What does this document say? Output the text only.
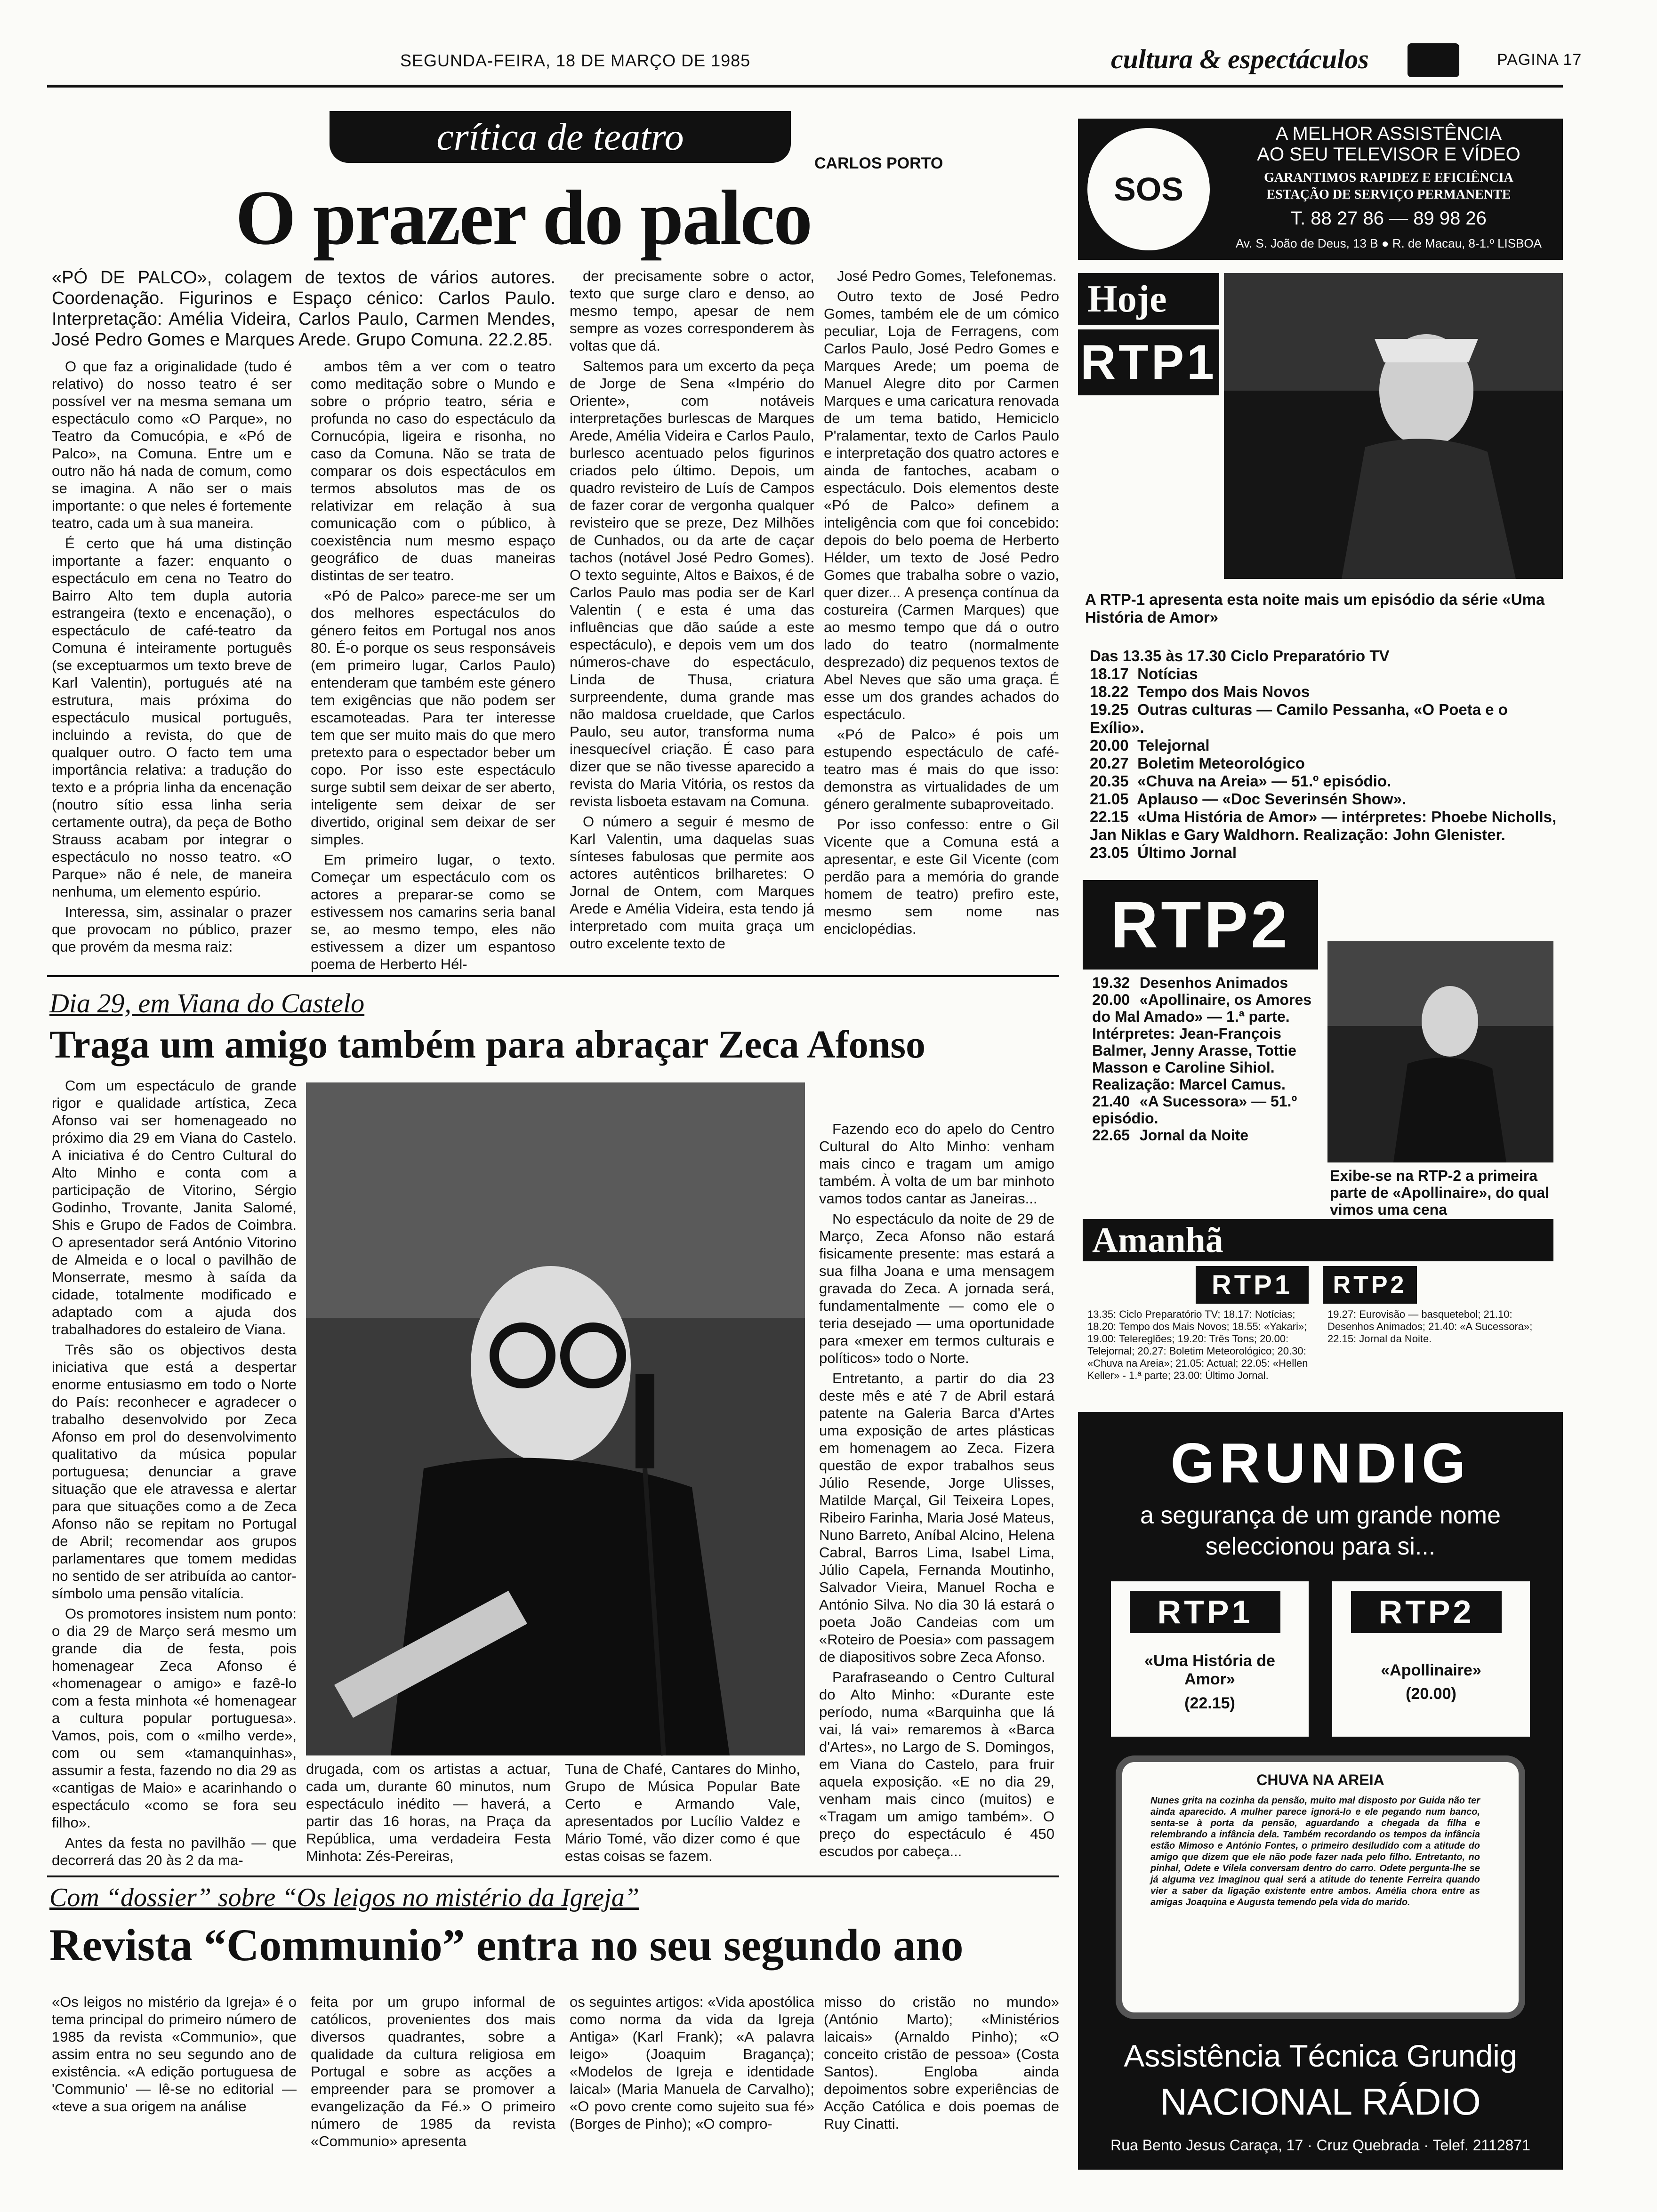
SEGUNDA-FEIRA, 18 DE MARÇO DE 1985	cultura & espectáculos	PAGINA 17
crítica de teatro
CARLOS PORTO
O prazer do palco
«PÓ DE PALCO», colagem de textos de vários autores. Coordenação. Figurinos e Espaço cénico: Carlos Paulo. Interpretação: Amélia Videira, Carlos Paulo, Carmen Mendes, José Pedro Gomes e Marques Arede. Grupo Comuna. 22.2.85.

O que faz a originalidade (tudo é relativo) do nosso teatro é ser possível ver na mesma semana um espectáculo como «O Parque», no Teatro da Comucópia, e «Pó de Palco», na Comuna. Entre um e outro não há nada de comum, como se imagina. A não ser o mais importante: o que neles é fortemente teatro, cada um à sua maneira.

É certo que há uma distinção importante a fazer: enquanto o espectáculo em cena no Teatro do Bairro Alto tem dupla autoria estrangeira (texto e encenação), o espectáculo de café-teatro da Comuna é inteiramente português (se exceptuarmos um texto breve de Karl Valentin), portugués até na estrutura, mais próxima do espectáculo musical português, incluindo a revista, do que de qualquer outro. O facto tem uma importância relativa: a tradução do texto e a própria linha da encenação (noutro sítio essa linha seria certamente outra), da peça de Botho Strauss acabam por integrar o espectáculo no nosso teatro. «O Parque» não é nele, de maneira nenhuma, um elemento espúrio.

Interessa, sim, assinalar o prazer que provocam no público, prazer que provém da mesma raiz:

ambos têm a ver com o teatro como meditação sobre o Mundo e sobre o próprio teatro, séria e profunda no caso do espectáculo da Cornucópia, ligeira e risonha, no caso da Comuna. Não se trata de comparar os dois espectáculos em termos absolutos mas de os relativizar em relação à sua comunicação com o público, à coexistência num mesmo espaço geográfico de duas maneiras distintas de ser teatro.

«Pó de Palco» parece-me ser um dos melhores espectáculos do género feitos em Portugal nos anos 80. É-o porque os seus responsáveis (em primeiro lugar, Carlos Paulo) entenderam que também este género tem exigências que não podem ser escamoteadas. Para ter interesse tem que ser muito mais do que mero pretexto para o espectador beber um copo. Por isso este espectáculo surge subtil sem deixar de ser aberto, inteligente sem deixar de ser divertido, original sem deixar de ser simples.

Em primeiro lugar, o texto. Começar um espectáculo com os actores a preparar-se como se estivessem nos camarins seria banal se, ao mesmo tempo, eles não estivessem a dizer um espantoso poema de Herberto Hél-

der precisamente sobre o actor, texto que surge claro e denso, ao mesmo tempo, apesar de nem sempre as vozes corresponderem às voltas que dá.

Saltemos para um excerto da peça de Jorge de Sena «Império do Oriente», com notáveis interpretações burlescas de Marques Arede, Amélia Videira e Carlos Paulo, burlesco acentuado pelos figurinos criados pelo último. Depois, um quadro revisteiro de Luís de Campos de fazer corar de vergonha qualquer revisteiro que se preze, Dez Milhões de Cunhados, ou da arte de caçar tachos (notável José Pedro Gomes). O texto seguinte, Altos e Baixos, é de Carlos Paulo mas podia ser de Karl Valentin ( e esta é uma das influências que dão saúde a este espectáculo), e depois vem um dos números-chave do espectáculo, Linda de Thusa, criatura surpreendente, duma grande mas não maldosa crueldade, que Carlos Paulo, seu autor, transforma numa inesquecível criação. É caso para dizer que se não tivesse aparecido a revista do Maria Vitória, os restos da revista lisboeta estavam na Comuna.

O número a seguir é mesmo de Karl Valentin, uma daquelas suas sínteses fabulosas que permite aos actores autênticos brilharetes: O Jornal de Ontem, com Marques Arede e Amélia Videira, esta tendo já interpretado com muita graça um outro excelente texto de

José Pedro Gomes, Telefonemas.

Outro texto de José Pedro Gomes, também ele de um cómico peculiar, Loja de Ferragens, com Carlos Paulo, José Pedro Gomes e Marques Arede; um poema de Manuel Alegre dito por Carmen Marques e uma caricatura renovada de um tema batido, Hemiciclo P'ralamentar, texto de Carlos Paulo e interpretação dos quatro actores e ainda de fantoches, acabam o espectáculo. Dois elementos deste «Pó de Palco» definem a inteligência com que foi concebido: depois do belo poema de Herberto Hélder, um texto de José Pedro Gomes que trabalha sobre o vazio, quer dizer... A presença contínua da costureira (Carmen Marques) que ao mesmo tempo que dá o outro lado do teatro (normalmente desprezado) diz pequenos textos de Abel Neves que são uma graça. É esse um dos grandes achados do espectáculo.

«Pó de Palco» é pois um estupendo espectáculo de café-teatro mas é mais do que isso: demonstra as virtualidades de um género geralmente subaproveitado.

Por isso confesso: entre o Gil Vicente que a Comuna está a apresentar, e este Gil Vicente (com perdão para a memória do grande homem de teatro) prefiro este, mesmo sem nome nas enciclopédias.

Dia 29, em Viana do Castelo
Traga um amigo também para abraçar Zeca Afonso

Com um espectáculo de grande rigor e qualidade artística, Zeca Afonso vai ser homenageado no próximo dia 29 em Viana do Castelo. A iniciativa é do Centro Cultural do Alto Minho e conta com a participação de Vitorino, Sérgio Godinho, Trovante, Janita Salomé, Shis e Grupo de Fados de Coimbra. O apresentador será António Vitorino de Almeida e o local o pavilhão de Monserrate, mesmo à saída da cidade, totalmente modificado e adaptado com a ajuda dos trabalhadores do estaleiro de Viana.

Três são os objectivos desta iniciativa que está a despertar enorme entusiasmo em todo o Norte do País: reconhecer e agradecer o trabalho desenvolvido por Zeca Afonso em prol do desenvolvimento qualitativo da música popular portuguesa; denunciar a grave situação que ele atravessa e alertar para que situações como a de Zeca Afonso não se repitam no Portugal de Abril; recomendar aos grupos parlamentares que tomem medidas no sentido de ser atribuída ao cantor-símbolo uma pensão vitalícia.

Os promotores insistem num ponto: o dia 29 de Março será mesmo um grande dia de festa, pois homenagear Zeca Afonso é «homenagear o amigo» e fazê-lo com a festa minhota «é homenagear a cultura popular portuguesa». Vamos, pois, com o «milho verde», com ou sem «tamanquinhas», assumir a festa, fazendo no dia 29 as «cantigas de Maio» e acarinhando o espectáculo «como se fora seu filho».

Antes da festa no pavilhão — que decorrerá das 20 às 2 da ma-

drugada, com os artistas a actuar, cada um, durante 60 minutos, num espectáculo inédito — haverá, a partir das 16 horas, na Praça da República, uma verdadeira Festa Minhota: Zés-Pereiras,
Tuna de Chafé, Cantares do Minho, Grupo de Música Popular Bate Certo e Armando Vale, apresentados por Lucílio Valdez e Mário Tomé, vão dizer como é que estas coisas se fazem.

Fazendo eco do apelo do Centro Cultural do Alto Minho: venham mais cinco e tragam um amigo também. À volta de um bar minhoto vamos todos cantar as Janeiras...

No espectáculo da noite de 29 de Março, Zeca Afonso não estará fisicamente presente: mas estará a sua filha Joana e uma mensagem gravada do Zeca. A jornada será, fundamentalmente — como ele o teria desejado — uma oportunidade para «mexer em termos culturais e políticos» todo o Norte.

Entretanto, a partir do dia 23 deste mês e até 7 de Abril estará patente na Galeria Barca d'Artes uma exposição de artes plásticas em homenagem ao Zeca. Fizera questão de expor trabalhos seus Júlio Resende, Jorge Ulisses, Matilde Marçal, Gil Teixeira Lopes, Ribeiro Farinha, Maria José Mateus, Nuno Barreto, Aníbal Alcino, Helena Cabral, Barros Lima, Isabel Lima, Júlio Capela, Fernanda Moutinho, Salvador Vieira, Manuel Rocha e António Silva. No dia 30 lá estará o poeta João Candeias com um «Roteiro de Poesia» com passagem de diapositivos sobre Zeca Afonso.

Parafraseando o Centro Cultural do Alto Minho: «Durante este período, numa «Barquinha que lá vai, lá vai» remaremos à «Barca d'Artes», no Largo de S. Domingos, em Viana do Castelo, para fruir aquela exposição. «E no dia 29, venham mais cinco (muitos) e «Tragam um amigo também». O preço do espectáculo é 450 escudos por cabeça...

Com “dossier” sobre “Os leigos no mistério da Igreja”
Revista “Communio” entra no seu segundo ano
«Os leigos no mistério da Igreja» é o tema principal do primeiro número de 1985 da revista «Communio», que assim entra no seu segundo ano de existência. «A edição portuguesa de 'Communio' — lê-se no editorial — «teve a sua origem na análise
feita por um grupo informal de católicos, provenientes dos mais diversos quadrantes, sobre a qualidade da cultura religiosa em Portugal e sobre as acções a empreender para se promover a evangelização da Fé.» O primeiro número de 1985 da revista «Communio» apresenta
os seguintes artigos: «Vida apostólica como norma da vida da Igreja Antiga» (Karl Frank); «A palavra leigo» (Joaquim Bragança); «Modelos de Igreja e identidade laical» (Maria Manuela de Carvalho); «O povo crente como sujeito sua fé» (Borges de Pinho); «O compro-
misso do cristão no mundo» (António Marto); «Ministérios laicais» (Arnaldo Pinho); «O conceito cristão de pessoa» (Costa Santos). Engloba ainda depoimentos sobre experiências de Acção Católica e dois poemas de Ruy Cinatti.
SOS
A MELHOR ASSISTÊNCIA
AO SEU TELEVISOR E VÍDEO
GARANTIMOS RAPIDEZ E EFICIÊNCIA
ESTAÇÃO DE SERVIÇO PERMANENTE
T. 88 27 86 — 89 98 26
Av. S. João de Deus, 13 B ● R. de Macau, 8-1.º LISBOA
Hoje
RTP1
A RTP-1 apresenta esta noite mais um episódio da série «Uma História de Amor»
Das 13.35 às 17.30 Ciclo Preparatório TV
18.17 Notícias
18.22 Tempo dos Mais Novos
19.25 Outras culturas — Camilo Pessanha, «O Poeta e o Exílio».
20.00 Telejornal
20.27 Boletim Meteorológico
20.35 «Chuva na Areia» — 51.º episódio.
21.05 Aplauso — «Doc Severinsén Show».
22.15 «Uma História de Amor» — intérpretes: Phoebe Nicholls, Jan Niklas e Gary Waldhorn. Realização: John Glenister.
23.05 Último Jornal
RTP2
19.32 Desenhos Animados
20.00 «Apollinaire, os Amores do Mal Amado» — 1.ª parte. Intérpretes: Jean-François Balmer, Jenny Arasse, Tottie Masson e Caroline Sihiol. Realização: Marcel Camus.
21.40 «A Sucessora» — 51.º episódio.
22.65 Jornal da Noite
Exibe-se na RTP-2 a primeira parte de «Apollinaire», do qual vimos uma cena
Amanhã
RTP1	RTP2
13.35: Ciclo Preparatório TV; 18.17: Notícias; 18.20: Tempo dos Mais Novos; 18.55: «Yakari»; 19.00: Telereglões; 19.20: Três Tons; 20.00: Telejornal; 20.27: Boletim Meteorológico; 20.30: «Chuva na Areia»; 21.05: Actual; 22.05: «Hellen Keller» - 1.ª parte; 23.00: Último Jornal.
19.27: Eurovisão — basquetebol; 21.10: Desenhos Animados; 21.40: «A Sucessora»; 22.15: Jornal da Noite.
GRUNDIG
a segurança de um grande nome
seleccionou para si...
RTP1
«Uma História de Amor»
(22.15)
RTP2
«Apollinaire»
(20.00)
CHUVA NA AREIA
Nunes grita na cozinha da pensão, muito mal disposto por Guida não ter ainda aparecido. A mulher parece ignorá-lo e ele pegando num banco, senta-se à porta da pensão, aguardando a chegada da filha e relembrando a infância dela. Também recordando os tempos da infância estão Mimoso e António Fontes, o primeiro desiludido com a atitude do amigo que dizem que ele não pode fazer nada pelo filho. Entretanto, no pinhal, Odete e Vilela conversam dentro do carro. Odete pergunta-lhe se já alguma vez imaginou qual será a atitude do tenente Ferreira quando vier a saber da ligação existente entre ambos. Amélia chora entre as amigas Joaquina e Augusta temendo pela vida do marido.
Assistência Técnica Grundig
NACIONAL RÁDIO
Rua Bento Jesus Caraça, 17 · Cruz Quebrada · Telef. 2112871
